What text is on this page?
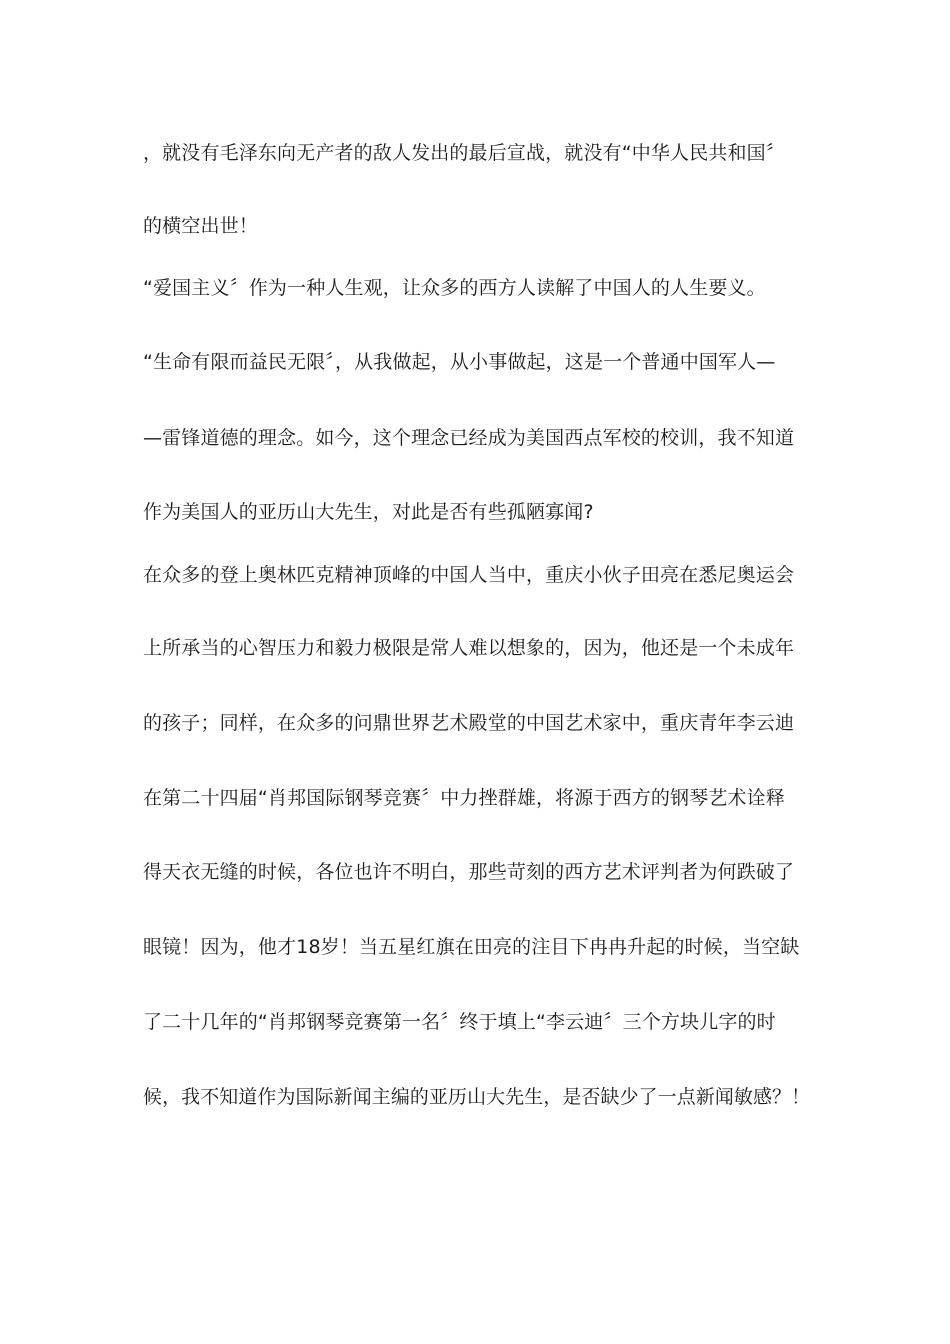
，就没有毛泽东向无产者的敌人发出的最后宣战，就没有“中华人民共和国〞
的横空出世！
“爱国主义〞作为一种人生观，让众多的西方人读解了中国人的人生要义。
“生命有限而益民无限〞，从我做起，从小事做起，这是一个普通中国军人—
—雷锋道德的理念。如今，这个理念已经成为美国西点军校的校训，我不知道
作为美国人的亚历山大先生，对此是否有些孤陋寡闻?
在众多的登上奥林匹克精神顶峰的中国人当中，重庆小伙子田亮在悉尼奥运会
上所承当的心智压力和毅力极限是常人难以想象的，因为，他还是一个未成年
的孩子；同样，在众多的问鼎世界艺术殿堂的中国艺术家中，重庆青年李云迪
在第二十四届“肖邦国际钢琴竞赛〞中力挫群雄，将源于西方的钢琴艺术诠释
得天衣无缝的时候，各位也许不明白，那些苛刻的西方艺术评判者为何跌破了
眼镜！因为，他才18岁！当五星红旗在田亮的注目下冉冉升起的时候，当空缺
了二十几年的“肖邦钢琴竞赛第一名〞终于填上“李云迪〞三个方块儿字的时
候，我不知道作为国际新闻主编的亚历山大先生，是否缺少了一点新闻敏感？！
